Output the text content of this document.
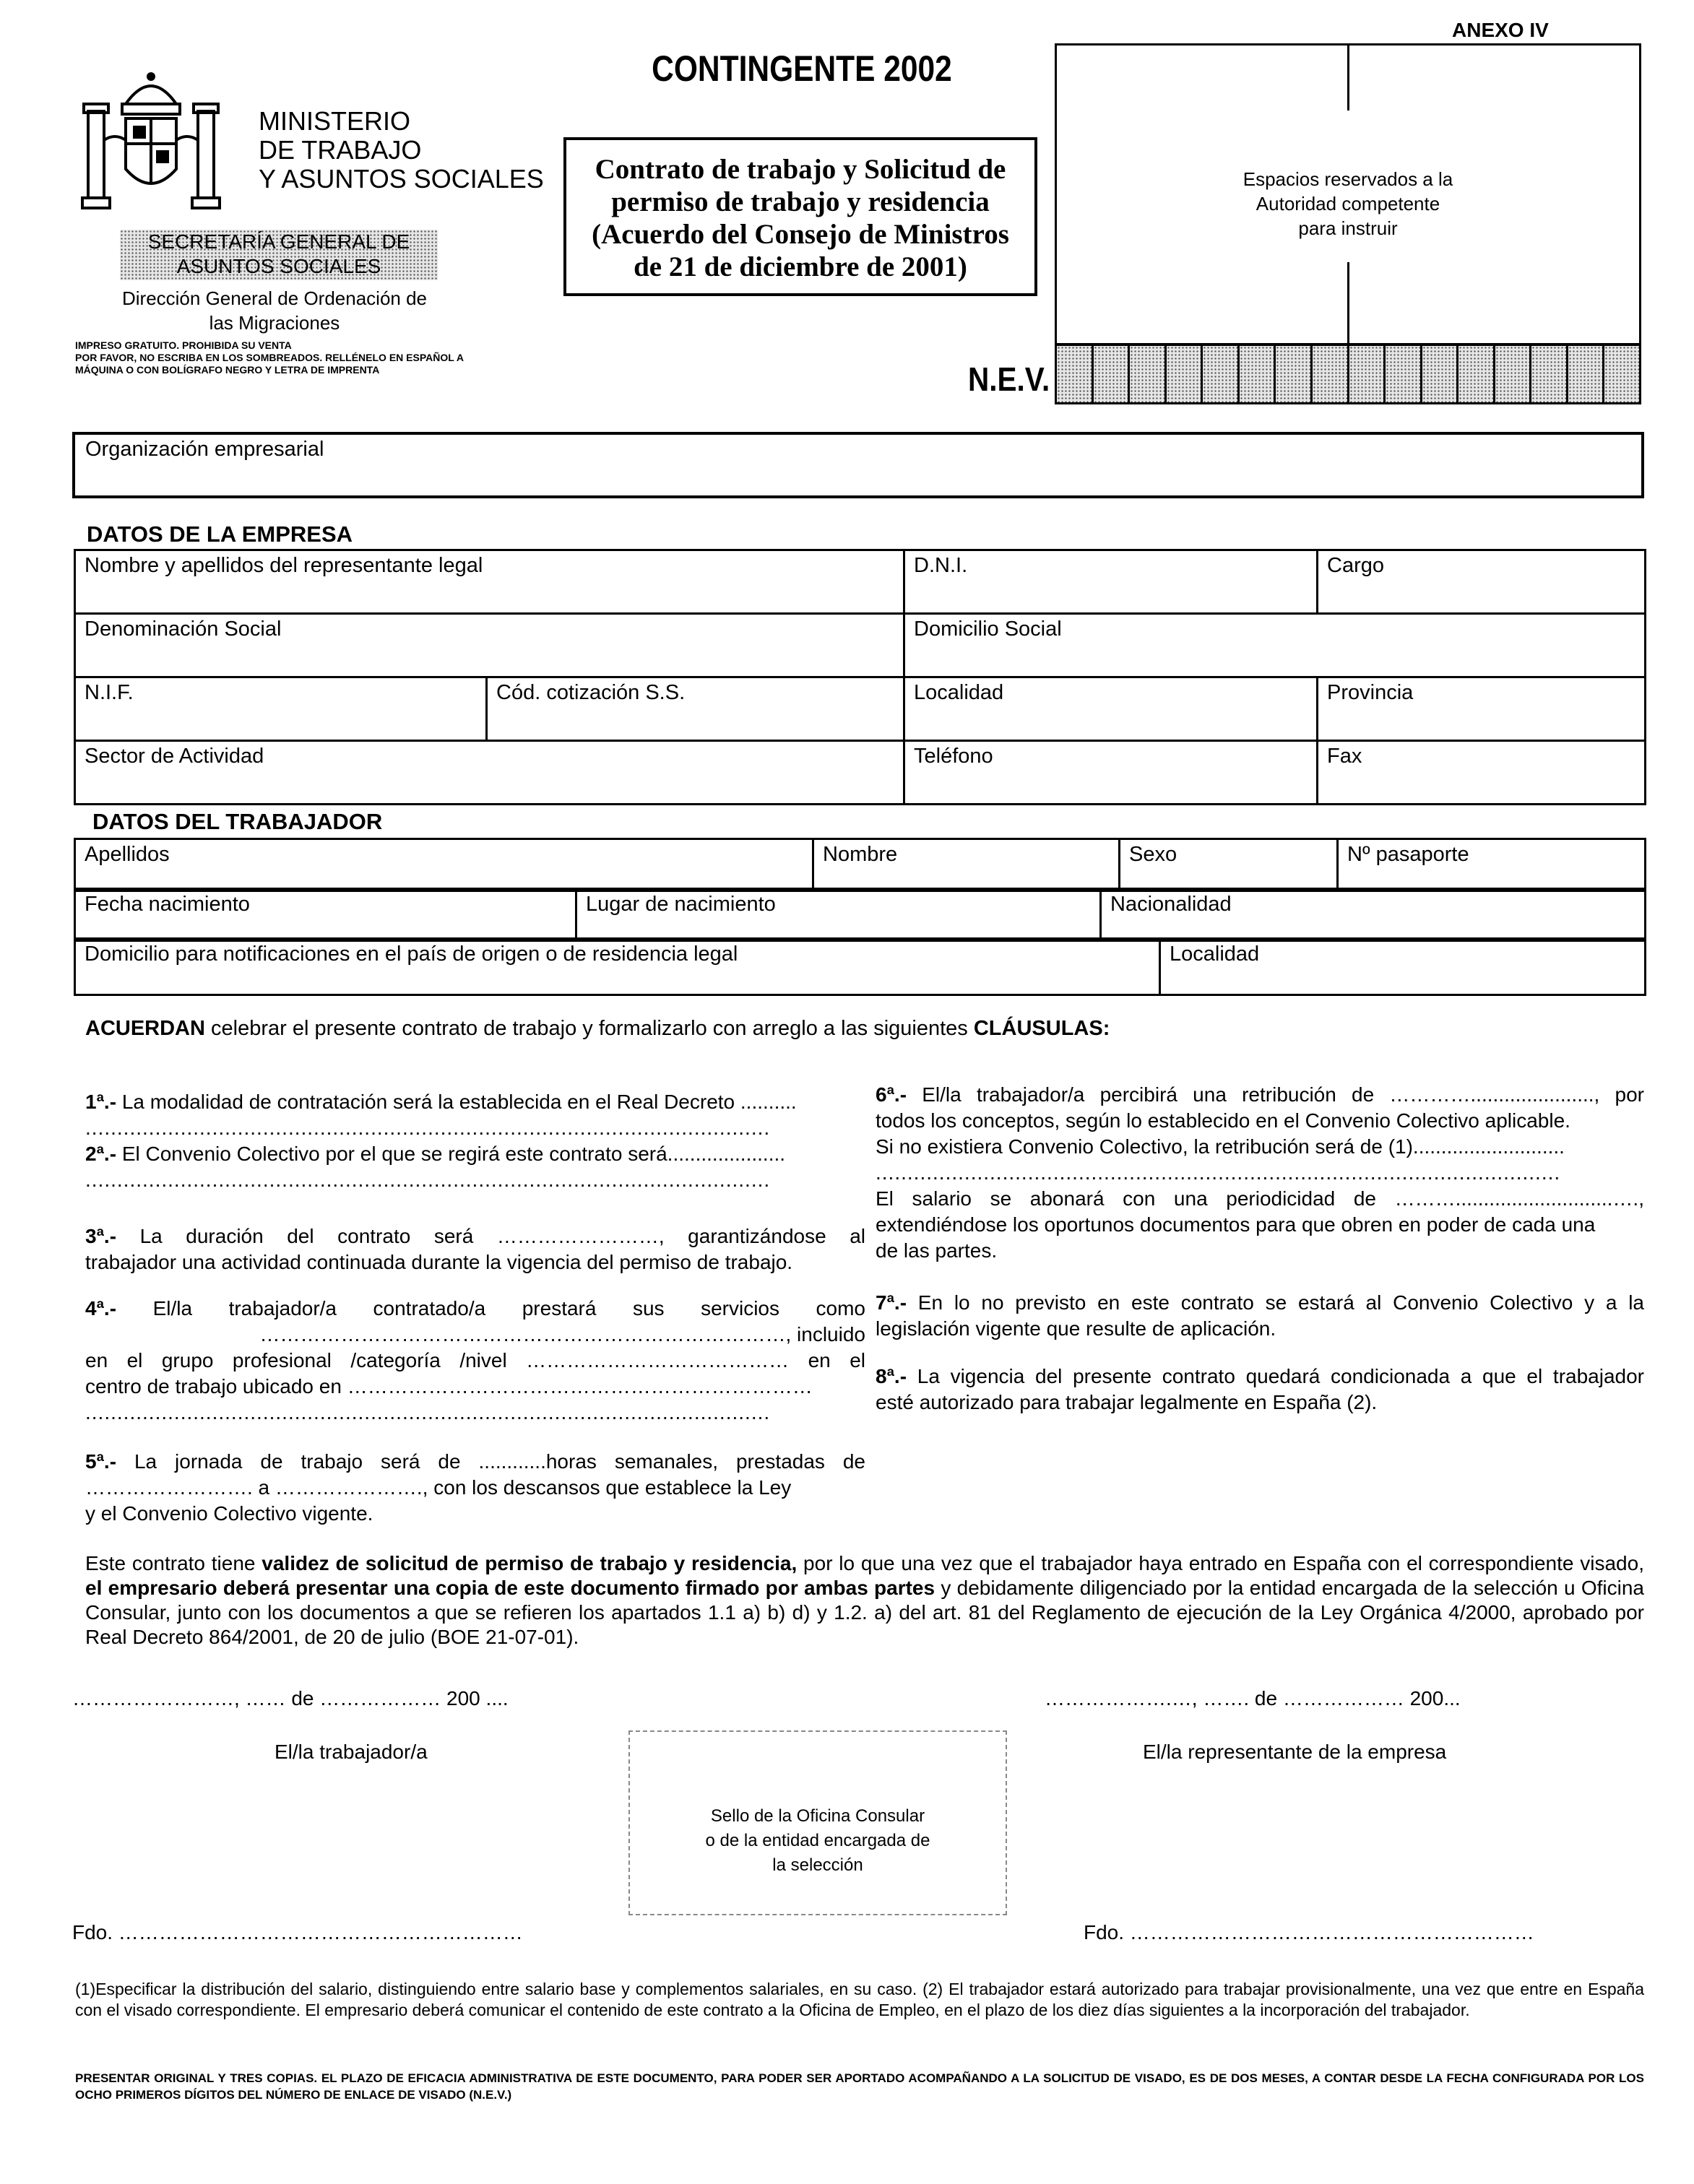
MINISTERIO
DE TRABAJO
Y ASUNTOS SOCIALES
SECRETARÍA GENERAL DE
ASUNTOS SOCIALES
Dirección General de Ordenación de
las Migraciones
IMPRESO GRATUITO. PROHIBIDA SU VENTA
POR FAVOR, NO ESCRIBA EN LOS SOMBREADOS. RELLÉNELO EN ESPAÑOL A
MÁQUINA O CON BOLÍGRAFO NEGRO Y LETRA DE IMPRENTA
CONTINGENTE 2002
Contrato de trabajo y Solicitud de
permiso de trabajo y residencia
(Acuerdo del Consejo de Ministros
de 21 de diciembre de 2001)
N.E.V.
ANEXO IV
Espacios reservados a la
Autoridad competente
para instruir
Organización empresarial
DATOS DE LA EMPRESA
Nombre y apellidos del representante legal		D.N.I.	Cargo
Denominación Social		Domicilio Social	
N.I.F.	Cód. cotización S.S.	Localidad	Provincia
Sector de Actividad		Teléfono	Fax
DATOS DEL TRABAJADOR
Apellidos	Nombre	Sexo	Nº pasaporte
Fecha nacimiento	Lugar de nacimiento	Nacionalidad
Domicilio para notificaciones en el país de origen o de residencia legal	Localidad
ACUERDAN celebrar el presente contrato de trabajo y formalizarlo con arreglo a las siguientes CLÁUSULAS:
1ª.- La modalidad de contratación será la establecida en el Real Decreto ..........
............................................................................................................
2ª.- El Convenio Colectivo por el que se regirá este contrato será.....................
............................................................................................................
3ª.- La duración del contrato será ……………………, garantizándose al
trabajador una actividad continuada durante la vigencia del permiso de trabajo.
4ª.- El/la trabajador/a contratado/a prestará sus servicios como
……………………………………………………………………, incluido
en el grupo profesional /categoría /nivel ………………………………… en el
centro de trabajo ubicado en ……………………………………………………………
............................................................................................................
5ª.- La jornada de trabajo será de ............horas semanales, prestadas de
……………………. a …………………., con los descansos que establece la Ley
y el Convenio Colectivo vigente.
6ª.- El/la trabajador/a percibirá una retribución de …………......................, por
todos los conceptos, según lo establecido en el Convenio Colectivo aplicable.
Si no existiera Convenio Colectivo, la retribución será de (1)...........................
............................................................................................................
El salario se abonará con una periodicidad de ………............................….,
extendiéndose los oportunos documentos para que obren en poder de cada una
de las partes.
7ª.- En lo no previsto en este contrato se estará al Convenio Colectivo y a la
legislación vigente que resulte de aplicación.
8ª.- La vigencia del presente contrato quedará condicionada a que el trabajador
esté autorizado para trabajar legalmente en España (2).
Este contrato tiene validez de solicitud de permiso de trabajo y residencia, por lo que una vez que el trabajador haya entrado en España con el correspondiente visado, el empresario deberá presentar una copia de este documento firmado por ambas partes y debidamente diligenciado por la entidad encargada de la selección u Oficina Consular, junto con los documentos a que se refieren los apartados 1.1 a) b) d) y 1.2. a) del art. 81 del Reglamento de ejecución de la Ley Orgánica 4/2000, aprobado por Real Decreto 864/2001, de 20 de julio (BOE 21-07-01).
……………………, …… de ……………… 200 ....	……………….…, ……. de ……………… 200...
El/la trabajador/a	El/la representante de la empresa
Sello de la Oficina Consular
o de la entidad encargada de
la selección
Fdo. ……………………………………………………	Fdo. ……………………………………………………
(1)Especificar la distribución del salario, distinguiendo entre salario base y complementos salariales, en su caso. (2) El trabajador estará autorizado para trabajar provisionalmente, una vez que entre en España con el visado correspondiente. El empresario deberá comunicar el contenido de este contrato a la Oficina de Empleo, en el plazo de los diez días siguientes a la incorporación del trabajador.
PRESENTAR ORIGINAL Y TRES COPIAS. EL PLAZO DE EFICACIA ADMINISTRATIVA DE ESTE DOCUMENTO, PARA PODER SER APORTADO ACOMPAÑANDO A LA SOLICITUD DE VISADO, ES DE DOS MESES, A CONTAR DESDE LA FECHA CONFIGURADA POR LOS OCHO PRIMEROS DÍGITOS DEL NÚMERO DE ENLACE DE VISADO (N.E.V.)
